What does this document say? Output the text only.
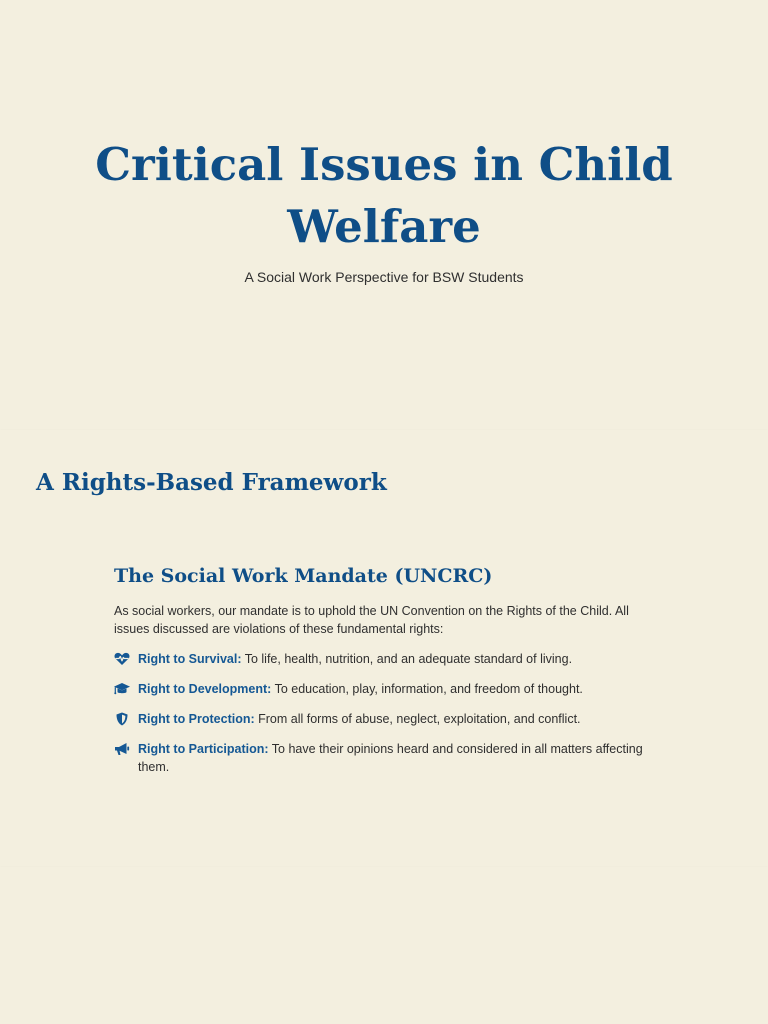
Critical Issues in Child Welfare
A Social Work Perspective for BSW Students
A Rights-Based Framework
The Social Work Mandate (UNCRC)

As social workers, our mandate is to uphold the UN Convention on the Rights of the Child. All issues discussed are violations of these fundamental rights:

Right to Survival: To life, health, nutrition, and an adequate standard of living.
Right to Development: To education, play, information, and freedom of thought.
Right to Protection: From all forms of abuse, neglect, exploitation, and conflict.
Right to Participation: To have their opinions heard and considered in all matters affecting them.
